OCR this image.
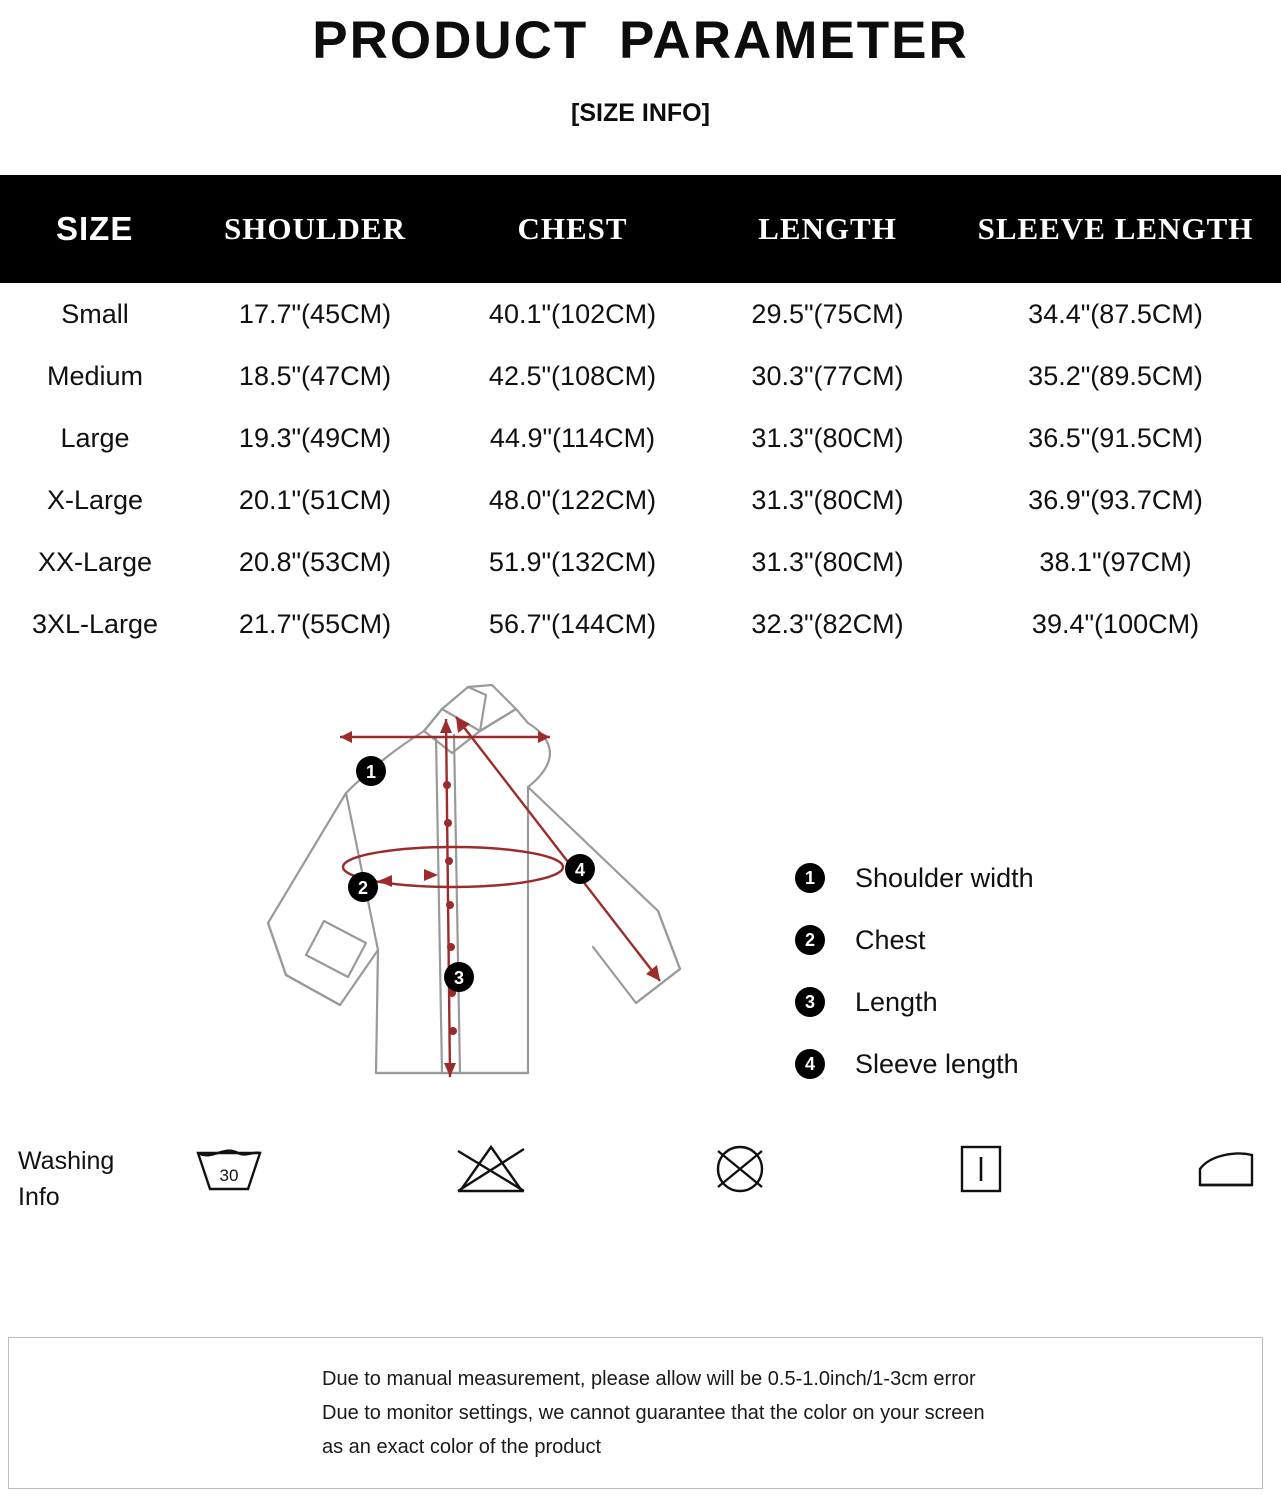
PRODUCT PARAMETER
[SIZE INFO]
SIZE	SHOULDER	CHEST	LENGTH	SLEEVE LENGTH
Small	17.7"(45CM)	40.1"(102CM)	29.5"(75CM)	34.4"(87.5CM)
Medium	18.5"(47CM)	42.5"(108CM)	30.3"(77CM)	35.2"(89.5CM)
Large	19.3"(49CM)	44.9"(114CM)	31.3"(80CM)	36.5"(91.5CM)
X-Large	20.1"(51CM)	48.0"(122CM)	31.3"(80CM)	36.9"(93.7CM)
XX-Large	20.8"(53CM)	51.9"(132CM)	31.3"(80CM)	38.1"(97CM)
3XL-Large	21.7"(55CM)	56.7"(144CM)	32.3"(82CM)	39.4"(100CM)
1
2
3
4	1	Shoulder width
2	Chest
3	Length
4	Sleeve length
Washing
Info
30
Due to manual measurement, please allow will be 0.5-1.0inch/1-3cm error
Due to monitor settings, we cannot guarantee that the color on your screen
as an exact color of the product
